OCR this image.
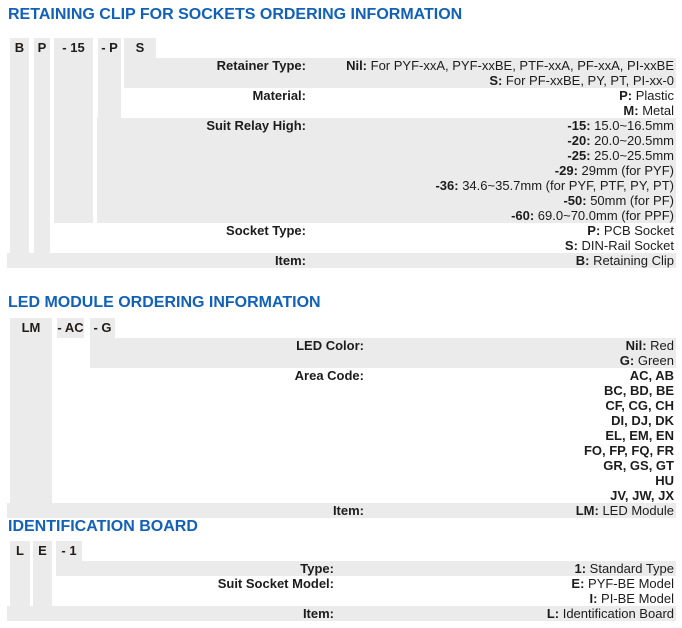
RETAINING CLIP FOR SOCKETS ORDERING INFORMATION
B	P	- 15	- P	S
Retainer Type:	Nil: For PYF-xxA, PYF-xxBE, PTF-xxA, PF-xxA, PI-xxBE
S: For PF-xxBE, PY, PT, PI-xx-0
Material:	P: Plastic
M: Metal
Suit Relay High:	-15: 15.0~16.5mm
-20: 20.0~20.5mm
-25: 25.0~25.5mm
-29: 29mm (for PYF)
-36: 34.6~35.7mm (for PYF, PTF, PY, PT)
-50: 50mm (for PF)
-60: 69.0~70.0mm (for PPF)
Socket Type:	P: PCB Socket
S: DIN-Rail Socket
Item:	B: Retaining Clip
LED MODULE ORDERING INFORMATION
LM	- AC - G
LED Color:	Nil: Red
G: Green
Area Code:	AC, AB
BC, BD, BE
CF, CG, CH
DI, DJ, DK
EL, EM, EN
FO, FP, FQ, FR
GR, GS, GT
HU
JV, JW, JX
Item:	LM: LED Module
IDENTIFICATION BOARD
L	E	- 1
Type:	1: Standard Type
Suit Socket Model:	E: PYF-BE Model
I: PI-BE Model
Item:	L: Identification Board
